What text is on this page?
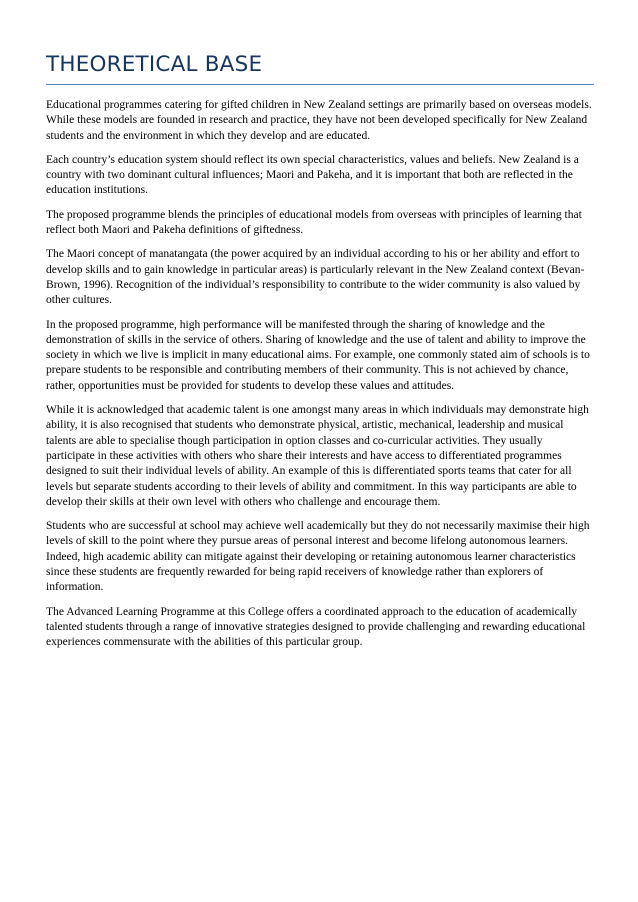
THEORETICAL BASE

Educational programmes catering for gifted children in New Zealand settings are primarily based on overseas models. While these models are founded in research and practice, they have not been developed specifically for New Zealand students and the environment in which they develop and are educated.

Each country’s education system should reflect its own special characteristics, values and beliefs. New Zealand is a country with two dominant cultural influences; Maori and Pakeha, and it is important that both are reflected in the education institutions.

The proposed programme blends the principles of educational models from overseas with principles of learning that reflect both Maori and Pakeha definitions of giftedness.

The Maori concept of manatangata (the power acquired by an individual according to his or her ability and effort to develop skills and to gain knowledge in particular areas) is particularly relevant in the New Zealand context (Bevan-Brown, 1996). Recognition of the individual’s responsibility to contribute to the wider community is also valued by other cultures.

In the proposed programme, high performance will be manifested through the sharing of knowledge and the demonstration of skills in the service of others. Sharing of knowledge and the use of talent and ability to improve the society in which we live is implicit in many educational aims. For example, one commonly stated aim of schools is to prepare students to be responsible and contributing members of their community. This is not achieved by chance, rather, opportunities must be provided for students to develop these values and attitudes.

While it is acknowledged that academic talent is one amongst many areas in which individuals may demonstrate high ability, it is also recognised that students who demonstrate physical, artistic, mechanical, leadership and musical talents are able to specialise though participation in option classes and co-curricular activities. They usually participate in these activities with others who share their interests and have access to differentiated programmes designed to suit their individual levels of ability. An example of this is differentiated sports teams that cater for all levels but separate students according to their levels of ability and commitment. In this way participants are able to develop their skills at their own level with others who challenge and encourage them.

Students who are successful at school may achieve well academically but they do not necessarily maximise their high levels of skill to the point where they pursue areas of personal interest and become lifelong autonomous learners. Indeed, high academic ability can mitigate against their developing or retaining autonomous learner characteristics since these students are frequently rewarded for being rapid receivers of knowledge rather than explorers of information.

The Advanced Learning Programme at this College offers a coordinated approach to the education of academically talented students through a range of innovative strategies designed to provide challenging and rewarding educational experiences commensurate with the abilities of this particular group.
